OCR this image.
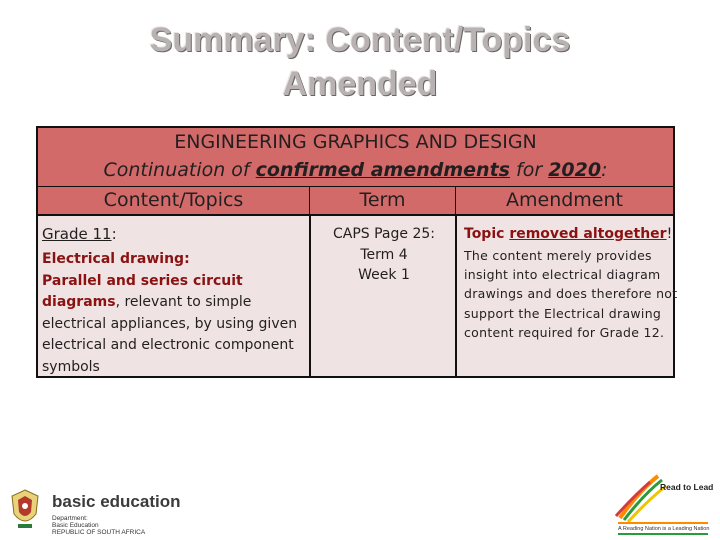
Summary: Content/Topics
Amended
ENGINEERING GRAPHICS AND DESIGN
Continuation of confirmed amendments for 2020:
Content/Topics	Term	Amendment
Grade 11:
Electrical drawing:
Parallel and series circuit
diagrams, relevant to simple electrical appliances, by using given electrical and electronic component symbols
CAPS Page 25:
Term 4
Week 1
Topic removed altogether!
The content merely provides insight into electrical diagram drawings and does therefore not support the Electrical drawing content required for Grade 12.
basic education
Department:
Basic Education
REPUBLIC OF SOUTH AFRICA
Read to Lead
A Reading Nation is a Leading Nation
